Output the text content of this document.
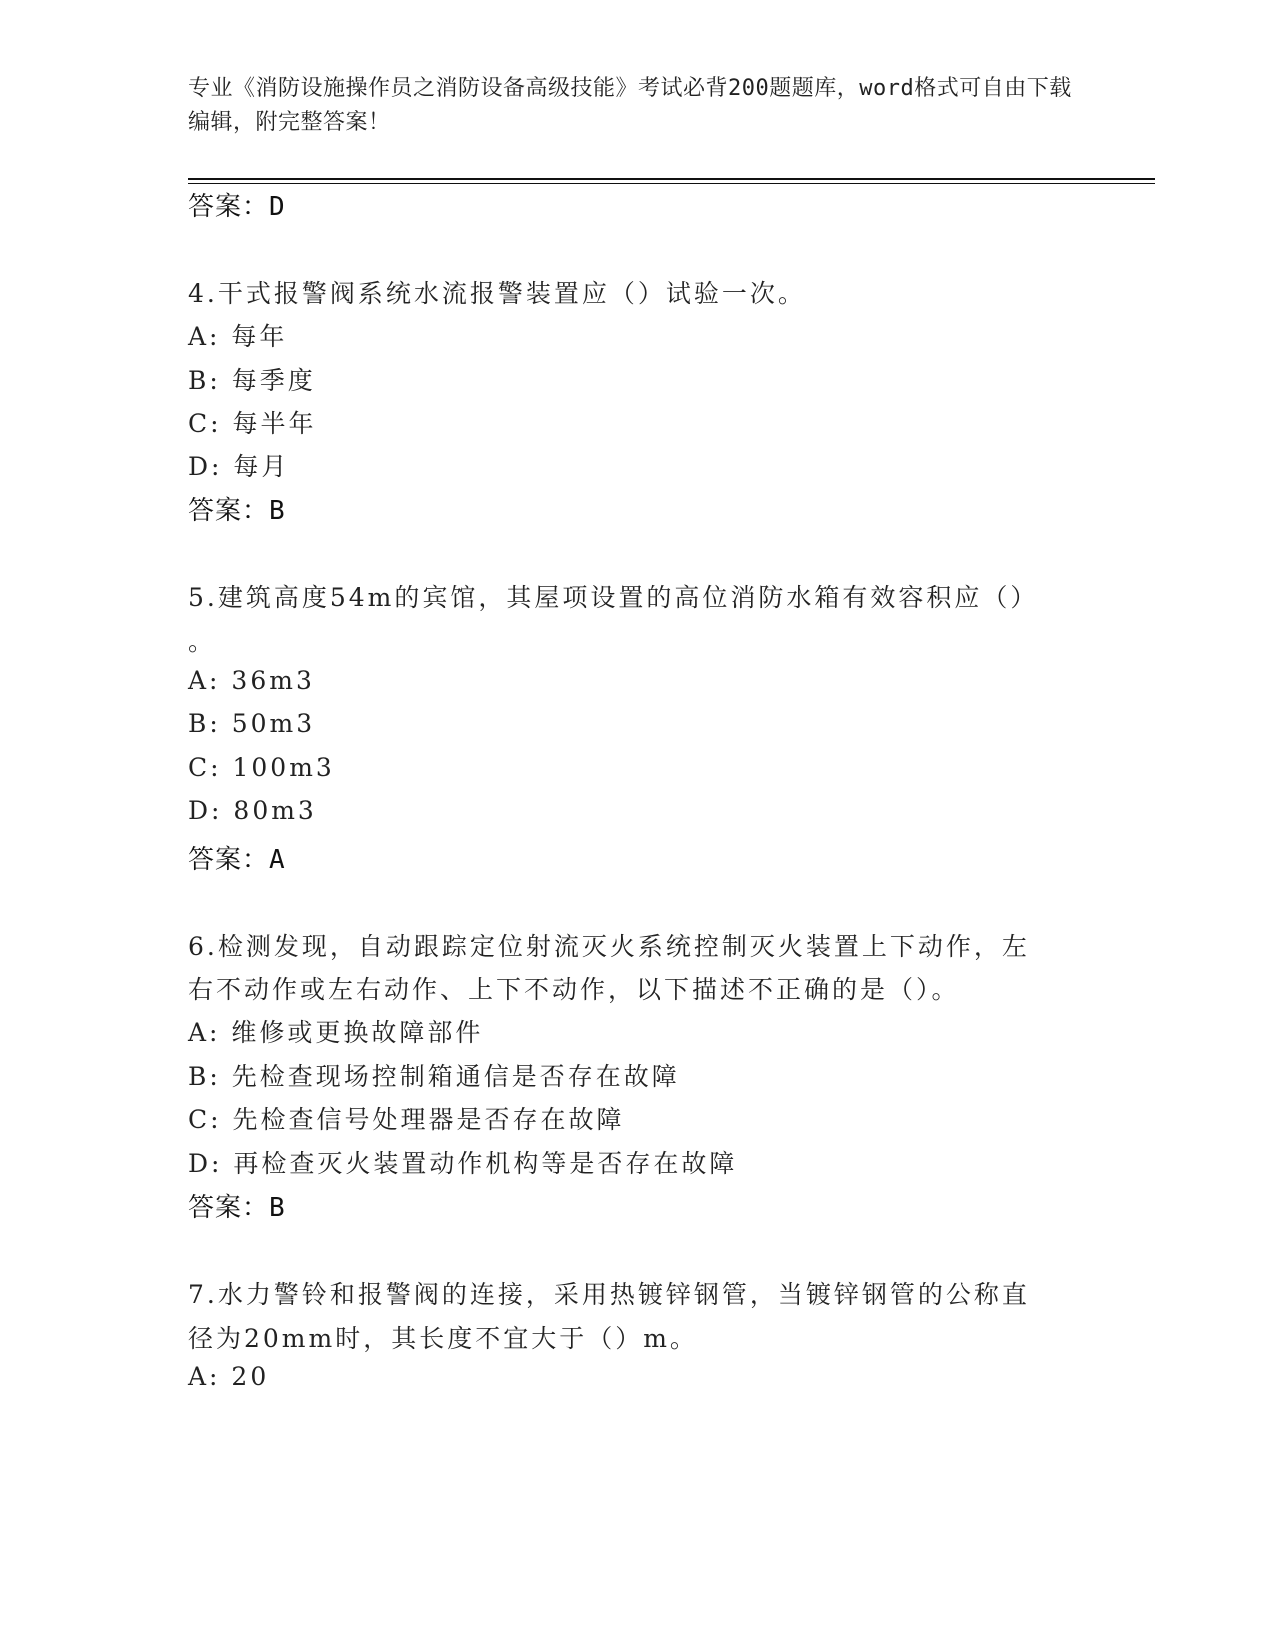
专业《消防设施操作员之消防设备高级技能》考试必背200题题库，word格式可自由下载编辑，附完整答案！
答案：D
4.干式报警阀系统水流报警装置应（）试验一次。
A: 每年
B: 每季度
C: 每半年
D: 每月
答案：B
5.建筑高度54m的宾馆，其屋项设置的高位消防水箱有效容积应（）
。
A: 36m3
B: 50m3
C: 100m3
D: 80m3
答案：A
6.检测发现，自动跟踪定位射流灭火系统控制灭火装置上下动作，左
右不动作或左右动作、上下不动作，以下描述不正确的是（）。
A: 维修或更换故障部件
B: 先检查现场控制箱通信是否存在故障
C: 先检查信号处理器是否存在故障
D: 再检查灭火装置动作机构等是否存在故障
答案：B
7.水力警铃和报警阀的连接，采用热镀锌钢管，当镀锌钢管的公称直
径为20mm时，其长度不宜大于（）m。
A: 20
